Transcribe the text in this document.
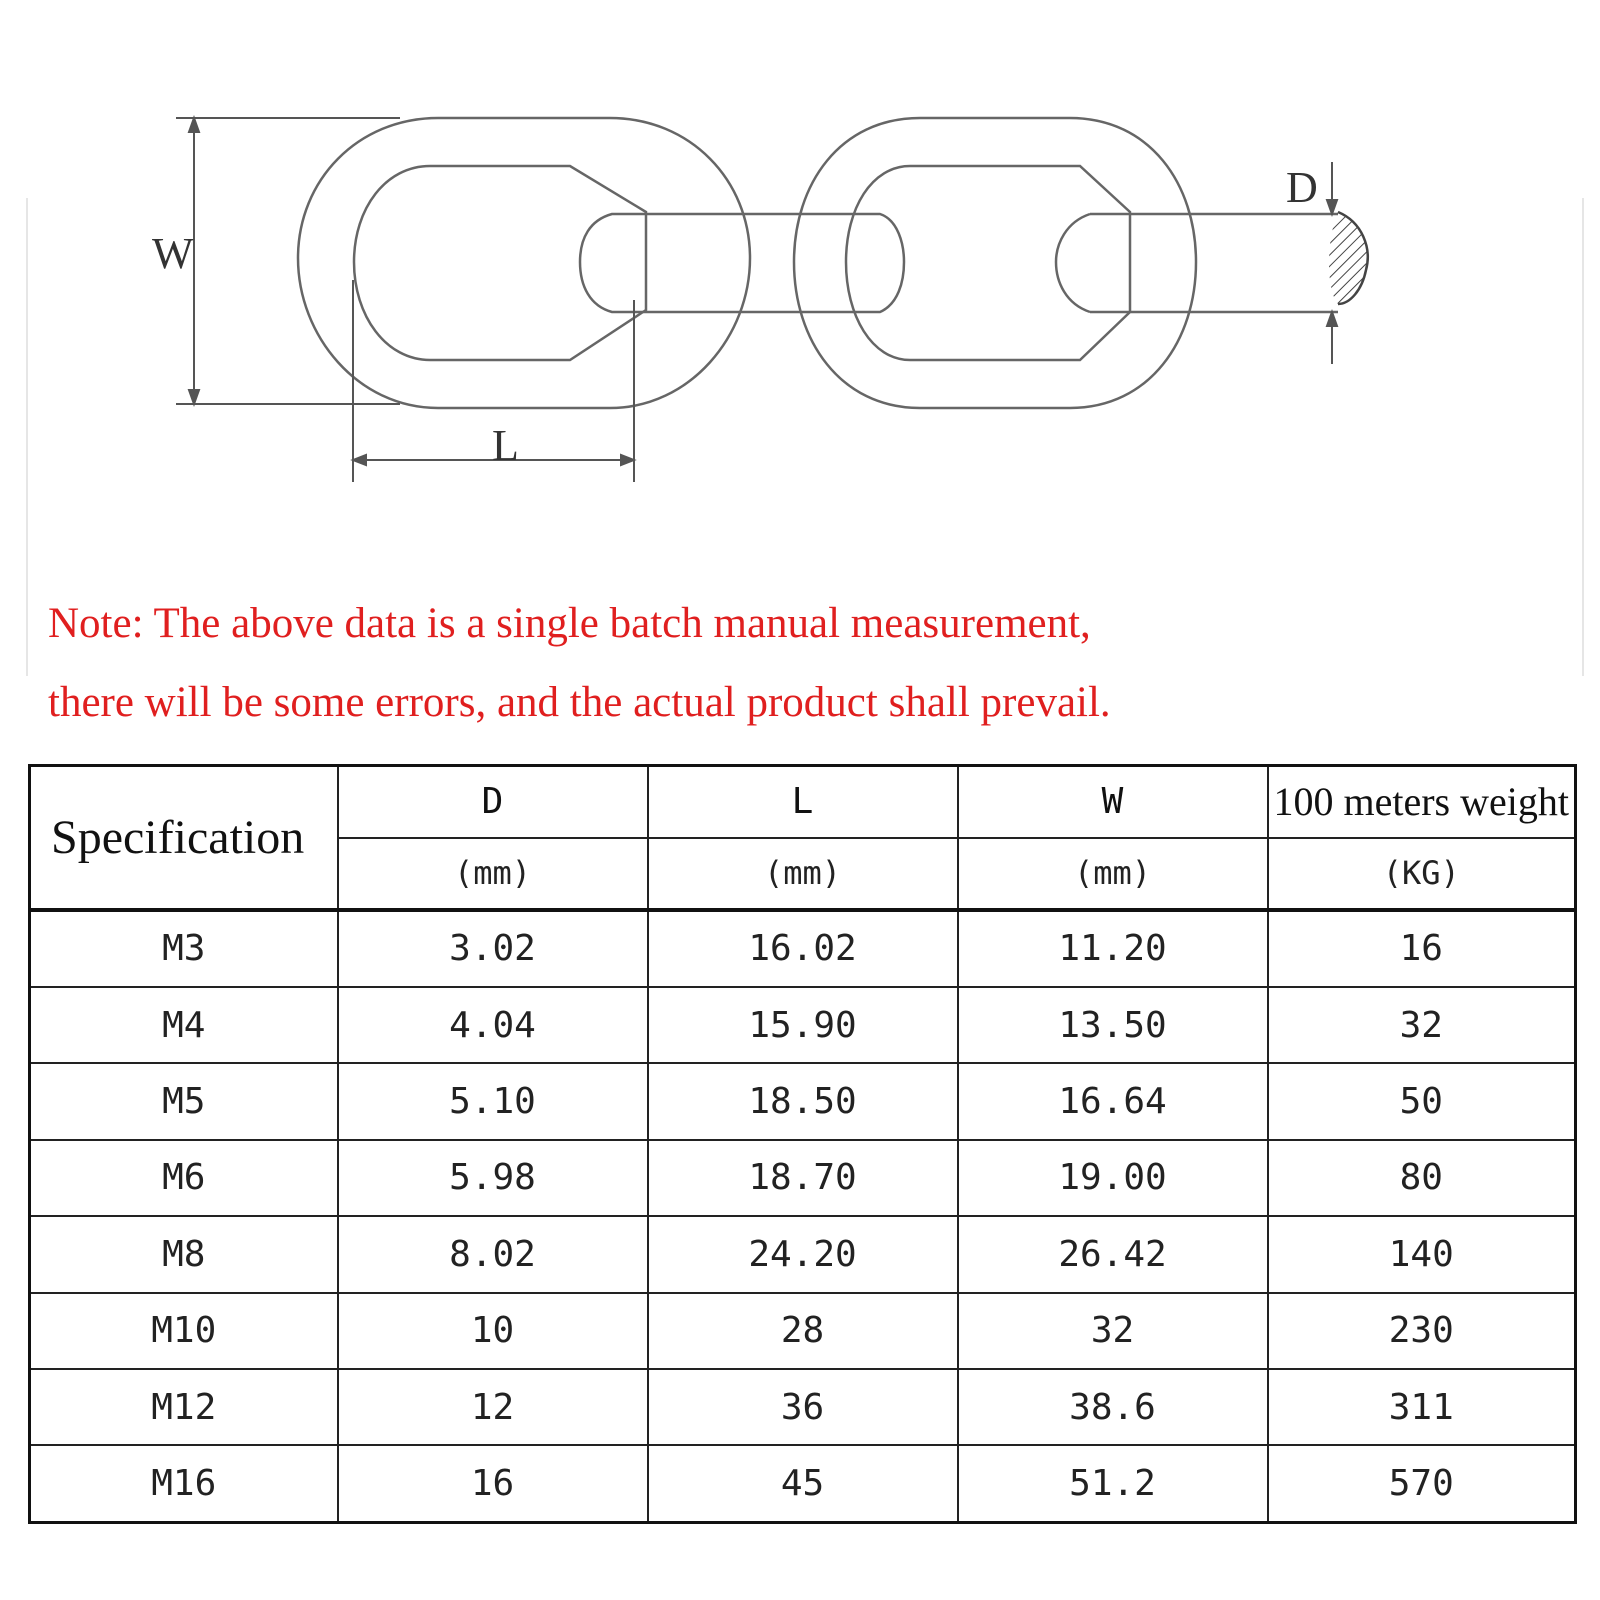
W
L
D
Note: The above data is a single batch manual measurement,
there will be some errors, and the actual product shall prevail.
Specification	D	L	W	100 meters weight
	(mm)	(mm)	(mm)	(KG)
M3	3.02	16.02	11.20	16
M4	4.04	15.90	13.50	32
M5	5.10	18.50	16.64	50
M6	5.98	18.70	19.00	80
M8	8.02	24.20	26.42	140
M10	10	28	32	230
M12	12	36	38.6	311
M16	16	45	51.2	570
